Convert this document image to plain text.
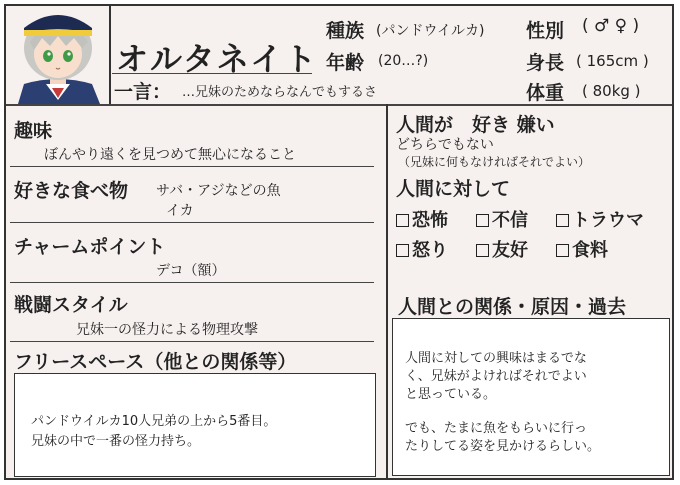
オルタネイト
一言： …兄妹のためならなんでもするさ
種族 (パンドウイルカ)
年齢 (20…?)
性別 ( ♂ ♀ )
身長 ( 165cm )
体重 ( 80kg )
趣味
ぼんやり遠くを見つめて無心になること
好きな食べ物 サバ・アジなどの魚
イカ
チャームポイント
デコ（額）
戦闘スタイル
兄妹一の怪力による物理攻撃
フリースペース（他との関係等）
パンドウイルカ10人兄弟の上から5番目。
兄妹の中で一番の怪力持ち。
人間が　好き 嫌い
どちらでもない
（兄妹に何もなければそれでよい）
人間に対して
恐怖	不信	トラウマ
怒り	友好	食料
人間との関係・原因・過去
人間に対しての興味はまるでな
く、兄妹がよければそれでよい
と思っている。
でも、たまに魚をもらいに行っ
たりしてる姿を見かけるらしい。
